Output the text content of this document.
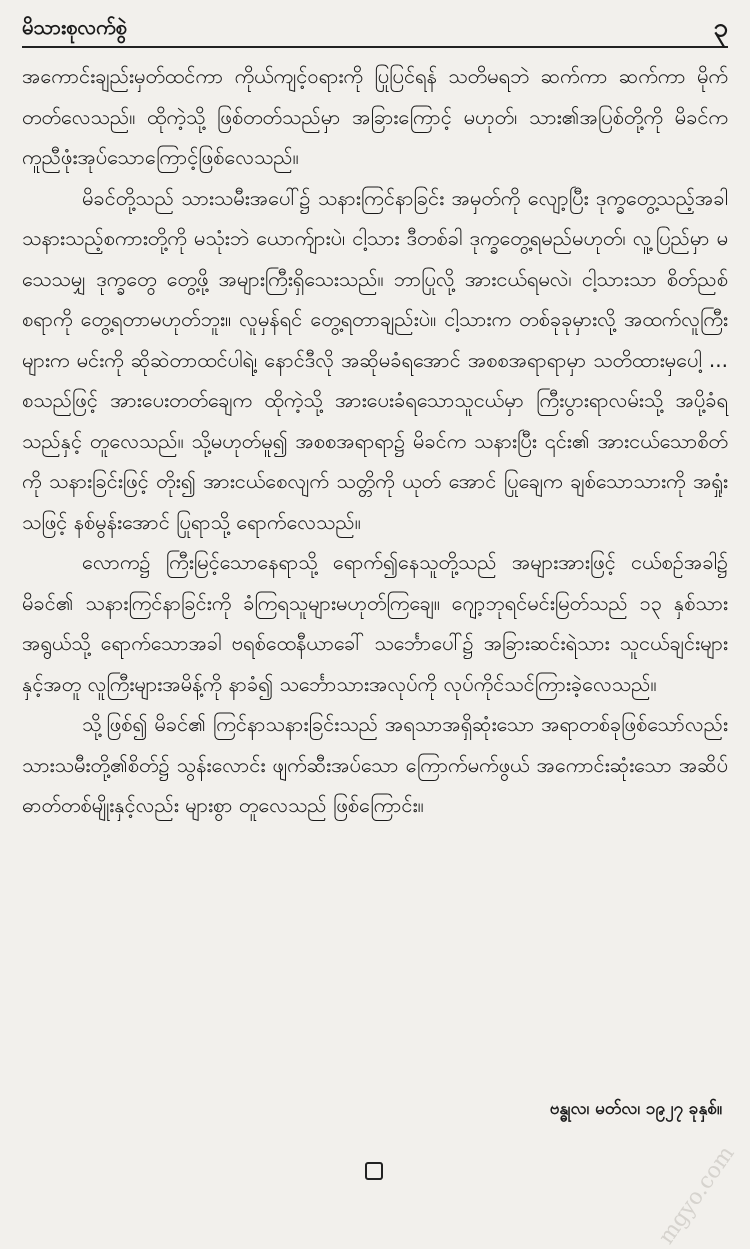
မိသားစုလက်စွဲ	၃

အကောင်းချည်းမှတ်ထင်ကာ ကိုယ်ကျင့်ဝရားကို ပြုပြင်ရန် သတိမရဘဲ ဆက်ကာ ဆက်ကာ မိုက်တတ်လေသည်။ ထိုကဲ့သို့ ဖြစ်တတ်သည်မှာ အခြားကြောင့် မဟုတ်၊ သား၏အပြစ်တို့ကို မိခင်က ကူညီဖုံးအုပ်သောကြောင့်ဖြစ်လေသည်။

မိခင်တို့သည် သားသမီးအပေါ်၌ သနားကြင်နာခြင်း အမှတ်ကို လျော့ပြီး ဒုက္ခတွေ့သည့်အခါ သနားသည့်စကားတို့ကို မသုံးဘဲ ယောက်ျားပဲ၊ ငါ့သား ဒီတစ်ခါ ဒုက္ခတွေ့ရမည်မဟုတ်၊ လူ့ပြည်မှာ မသေသမျှ ဒုက္ခတွေ တွေ့ဖို့ အများကြီးရှိသေးသည်။ ဘာပြုလို့ အားငယ်ရမလဲ၊ ငါ့သားသာ စိတ်ညစ်စရာကို တွေ့ရတာမဟုတ်ဘူး။ လူမှန်ရင် တွေ့ရတာချည်းပဲ။ ငါ့သားက တစ်ခုခုမှားလို့ အထက်လူကြီးများက မင်းကို ဆိုဆဲတာထင်ပါရဲ့၊ နောင်ဒီလို အဆိုမခံရအောင် အစစအရာရာမှာ သတိထားမှပေါ့ ... စသည်ဖြင့် အားပေးတတ်ချေက ထိုကဲ့သို့ အားပေးခံရသောသူငယ်မှာ ကြီးပွားရာလမ်းသို့ အပို့ခံရသည်နှင့် တူလေသည်။ သို့မဟုတ်မူ၍ အစစအရာရာ၌ မိခင်က သနားပြီး ၎င်း၏ အားငယ်သောစိတ်ကို သနားခြင်းဖြင့် တိုး၍ အားငယ်စေလျက် သတ္တိကို ယုတ် အောင် ပြုချေက ချစ်သောသားကို အရှုံးသဖြင့် နစ်မွန်းအောင် ပြုရာသို့ ရောက်လေသည်။

လောက၌ ကြီးမြင့်သောနေရာသို့ ရောက်၍နေသူတို့သည် အများအားဖြင့် ငယ်စဉ်အခါ၌ မိခင်၏ သနားကြင်နာခြင်းကို ခံကြရသူများမဟုတ်ကြချေ။ ဂျော့ဘုရင်မင်းမြတ်သည် ၁၃ နှစ်သားအရွယ်သို့ ရောက်သောအခါ ဗရစ်ထေနီယာခေါ် သင်္ဘောပေါ်၌ အခြားဆင်းရဲသား သူငယ်ချင်းများနှင့်အတူ လူကြီးများအမိန့်ကို နာခံ၍ သင်္ဘောသားအလုပ်ကို လုပ်ကိုင်သင်ကြားခဲ့လေသည်။

သို့ဖြစ်၍ မိခင်၏ ကြင်နာသနားခြင်းသည် အရသာအရှိဆုံးသော အရာတစ်ခုဖြစ်သော်လည်း သားသမီးတို့၏စိတ်၌ သွန်းလောင်း ဖျက်ဆီးအပ်သော ကြောက်မက်ဖွယ် အကောင်းဆုံးသော အဆိပ်ဓာတ်တစ်မျိုးနှင့်လည်း များစွာ တူလေသည် ဖြစ်ကြောင်း။

ဗန္ဓုလ၊ မတ်လ၊ ၁၉၂၇ ခုနှစ်။
mgyo.com
